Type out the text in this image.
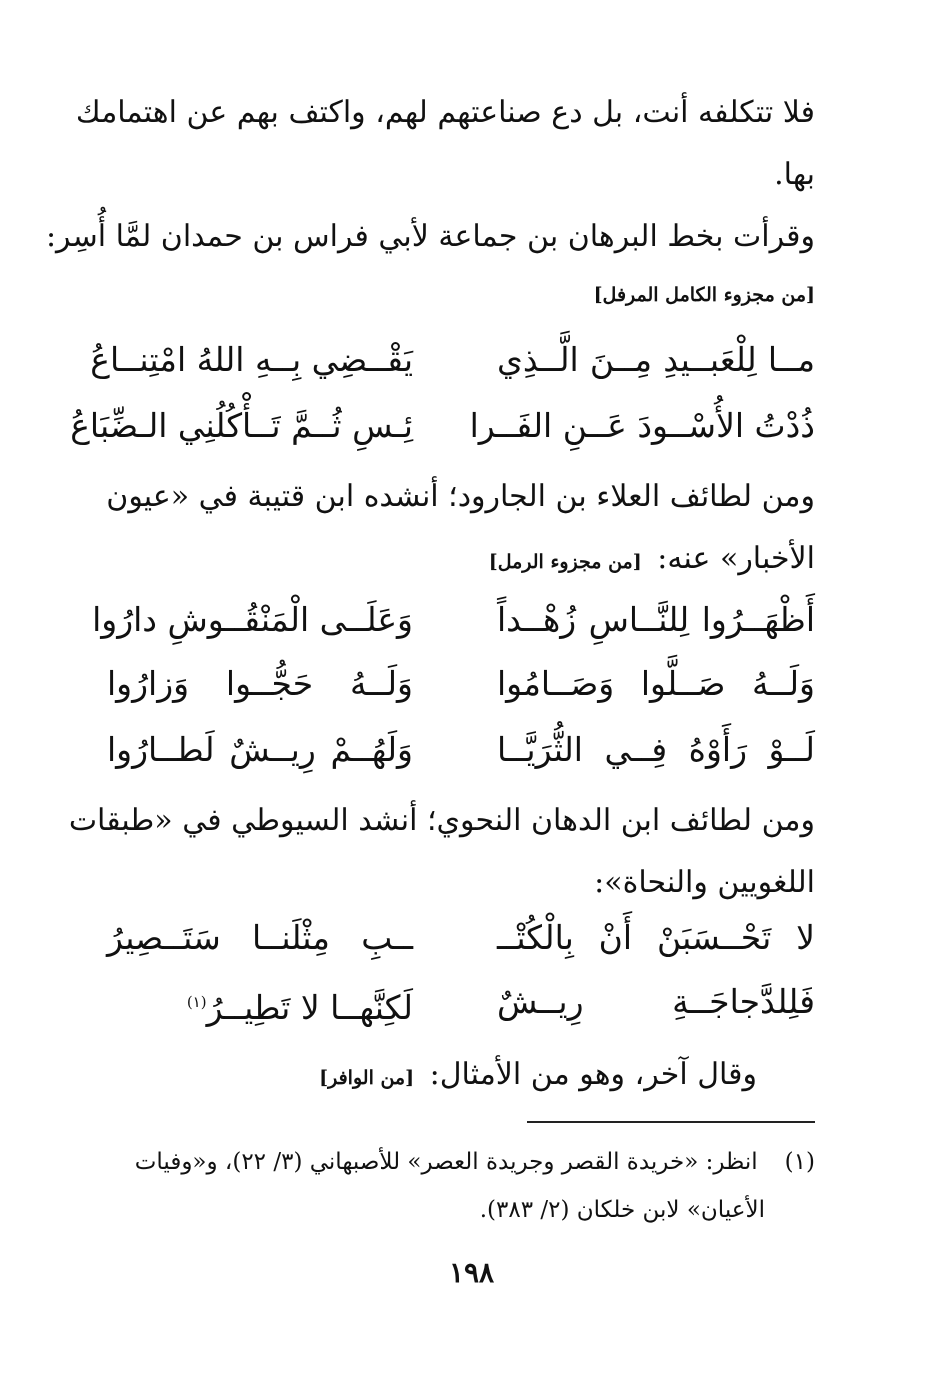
فلا تتكلفه أنت، بل دع صناعتهم لهم، واكتف بهم عن اهتمامك
بها.
وقرأت بخط البرهان بن جماعة لأبي فراس بن حمدان لمَّا أُسِر:
[من مجزوء الكامل المرفل]
مــا لِلْعَبــيدِ مِــنَ الَّــذِي
يَقْــضِي بِــهِ اللهُ امْتِنــاعُ
ذُدْتُ الأُسْــودَ عَــنِ الفَــرا
ئِـسِ ثُــمَّ تَــأْكُلُنِي الـضِّبَاعُ
ومن لطائف العلاء بن الجارود؛ أنشده ابن قتيبة في «عيون
الأخبار» عنه: [من مجزوء الرمل]
أَظْهَــرُوا لِلنَّــاسِ زُهْــداً
وَعَلَــى الْمَنْقُــوشِ دارُوا
وَلَــهُ صَــلَّوا وَصَــامُوا
وَلَــهُ حَجُّــوا وَزارُوا
لَــوْ رَأَوْهُ فِــي الثُّرَيَّــا
وَلَهُــمْ رِيــشٌ لَطــارُوا
ومن لطائف ابن الدهان النحوي؛ أنشد السيوطي في «طبقات
اللغويين والنحاة»:
لا تَحْــسَبَنْ أَنْ بِالْكُتْــ
ــبِ مِثْلَنــا سَتَــصِيرُ
فَلِلدَّجاجَــةِ رِيــشٌ
لَكِنَّهــا لا تَطِيــرُ$^{(١)}$
وقال آخر، وهو من الأمثال: [من الوافر]
(١) انظر: «خريدة القصر وجريدة العصر» للأصبهاني (٣/ ٢٢)، و«وفيات
الأعيان» لابن خلكان (٢/ ٣٨٣).
١٩٨
